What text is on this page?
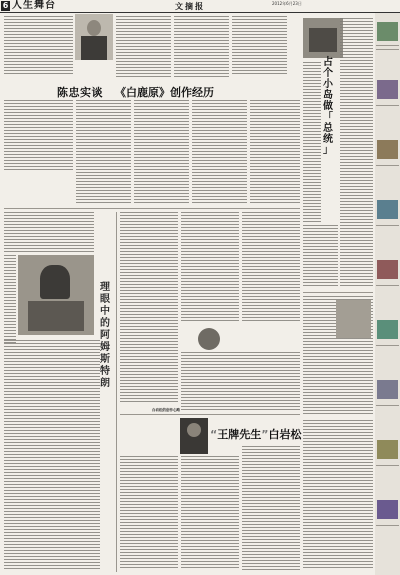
6 人生舞台	文摘报	2012年6月23日
陈忠实谈 《白鹿原》创作经历
占
个
小
岛
做
「
总
统
」
理
眼
中
的
阿
姆
斯
特
朗
白岩松的创作心路
“王牌先生”白岩松
